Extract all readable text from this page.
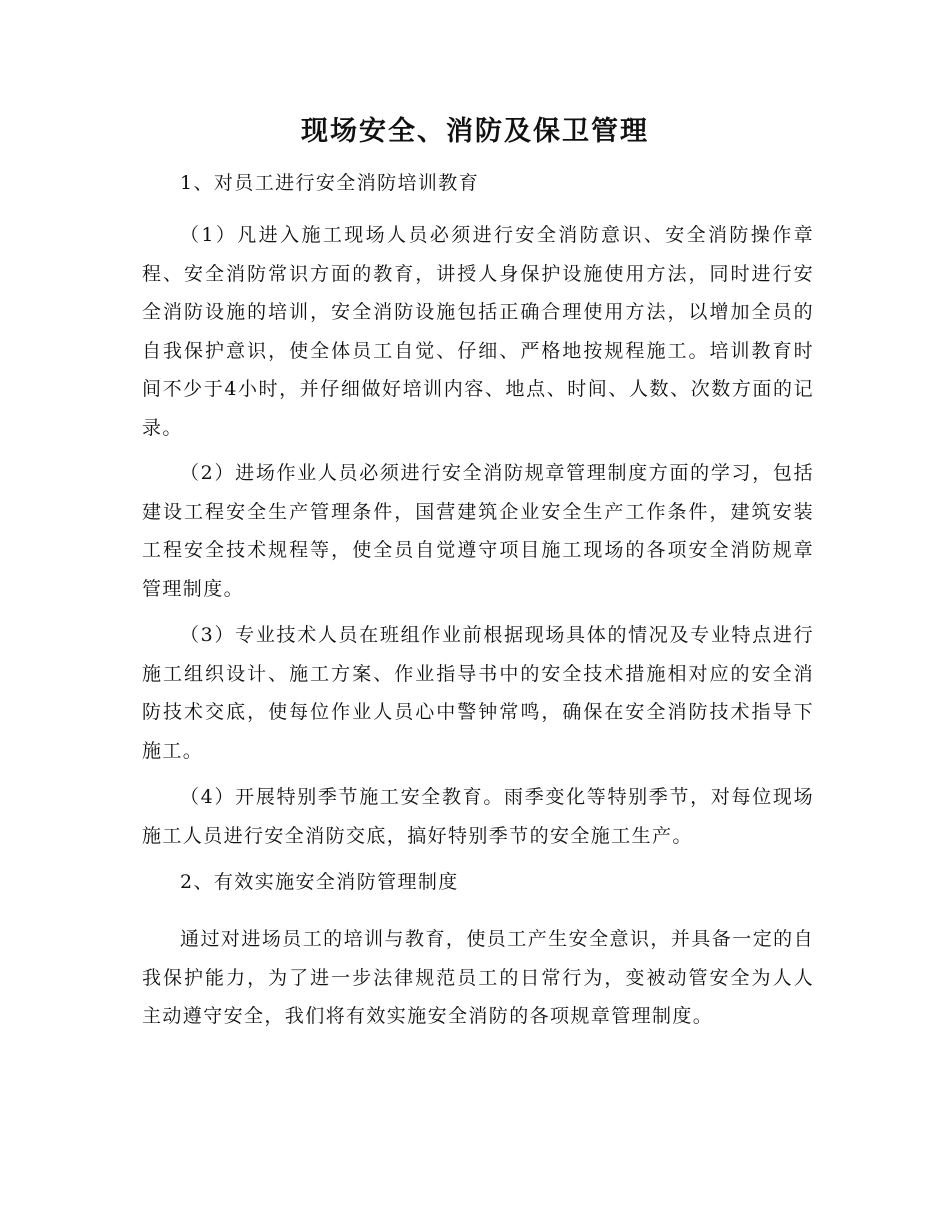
现场安全、消防及保卫管理

1、对员工进行安全消防培训教育

（1）凡进入施工现场人员必须进行安全消防意识、安全消防操作章程、安全消防常识方面的教育，讲授人身保护设施使用方法，同时进行安全消防设施的培训，安全消防设施包括正确合理使用方法，以增加全员的自我保护意识，使全体员工自觉、仔细、严格地按规程施工。培训教育时间不少于4小时，并仔细做好培训内容、地点、时间、人数、次数方面的记录。

（2）进场作业人员必须进行安全消防规章管理制度方面的学习，包括建设工程安全生产管理条件，国营建筑企业安全生产工作条件，建筑安装工程安全技术规程等，使全员自觉遵守项目施工现场的各项安全消防规章管理制度。

（3）专业技术人员在班组作业前根据现场具体的情况及专业特点进行施工组织设计、施工方案、作业指导书中的安全技术措施相对应的安全消防技术交底，使每位作业人员心中警钟常鸣，确保在安全消防技术指导下施工。

（4）开展特别季节施工安全教育。雨季变化等特别季节，对每位现场施工人员进行安全消防交底，搞好特别季节的安全施工生产。

2、有效实施安全消防管理制度

通过对进场员工的培训与教育，使员工产生安全意识，并具备一定的自我保护能力，为了进一步法律规范员工的日常行为，变被动管安全为人人主动遵守安全，我们将有效实施安全消防的各项规章管理制度。
